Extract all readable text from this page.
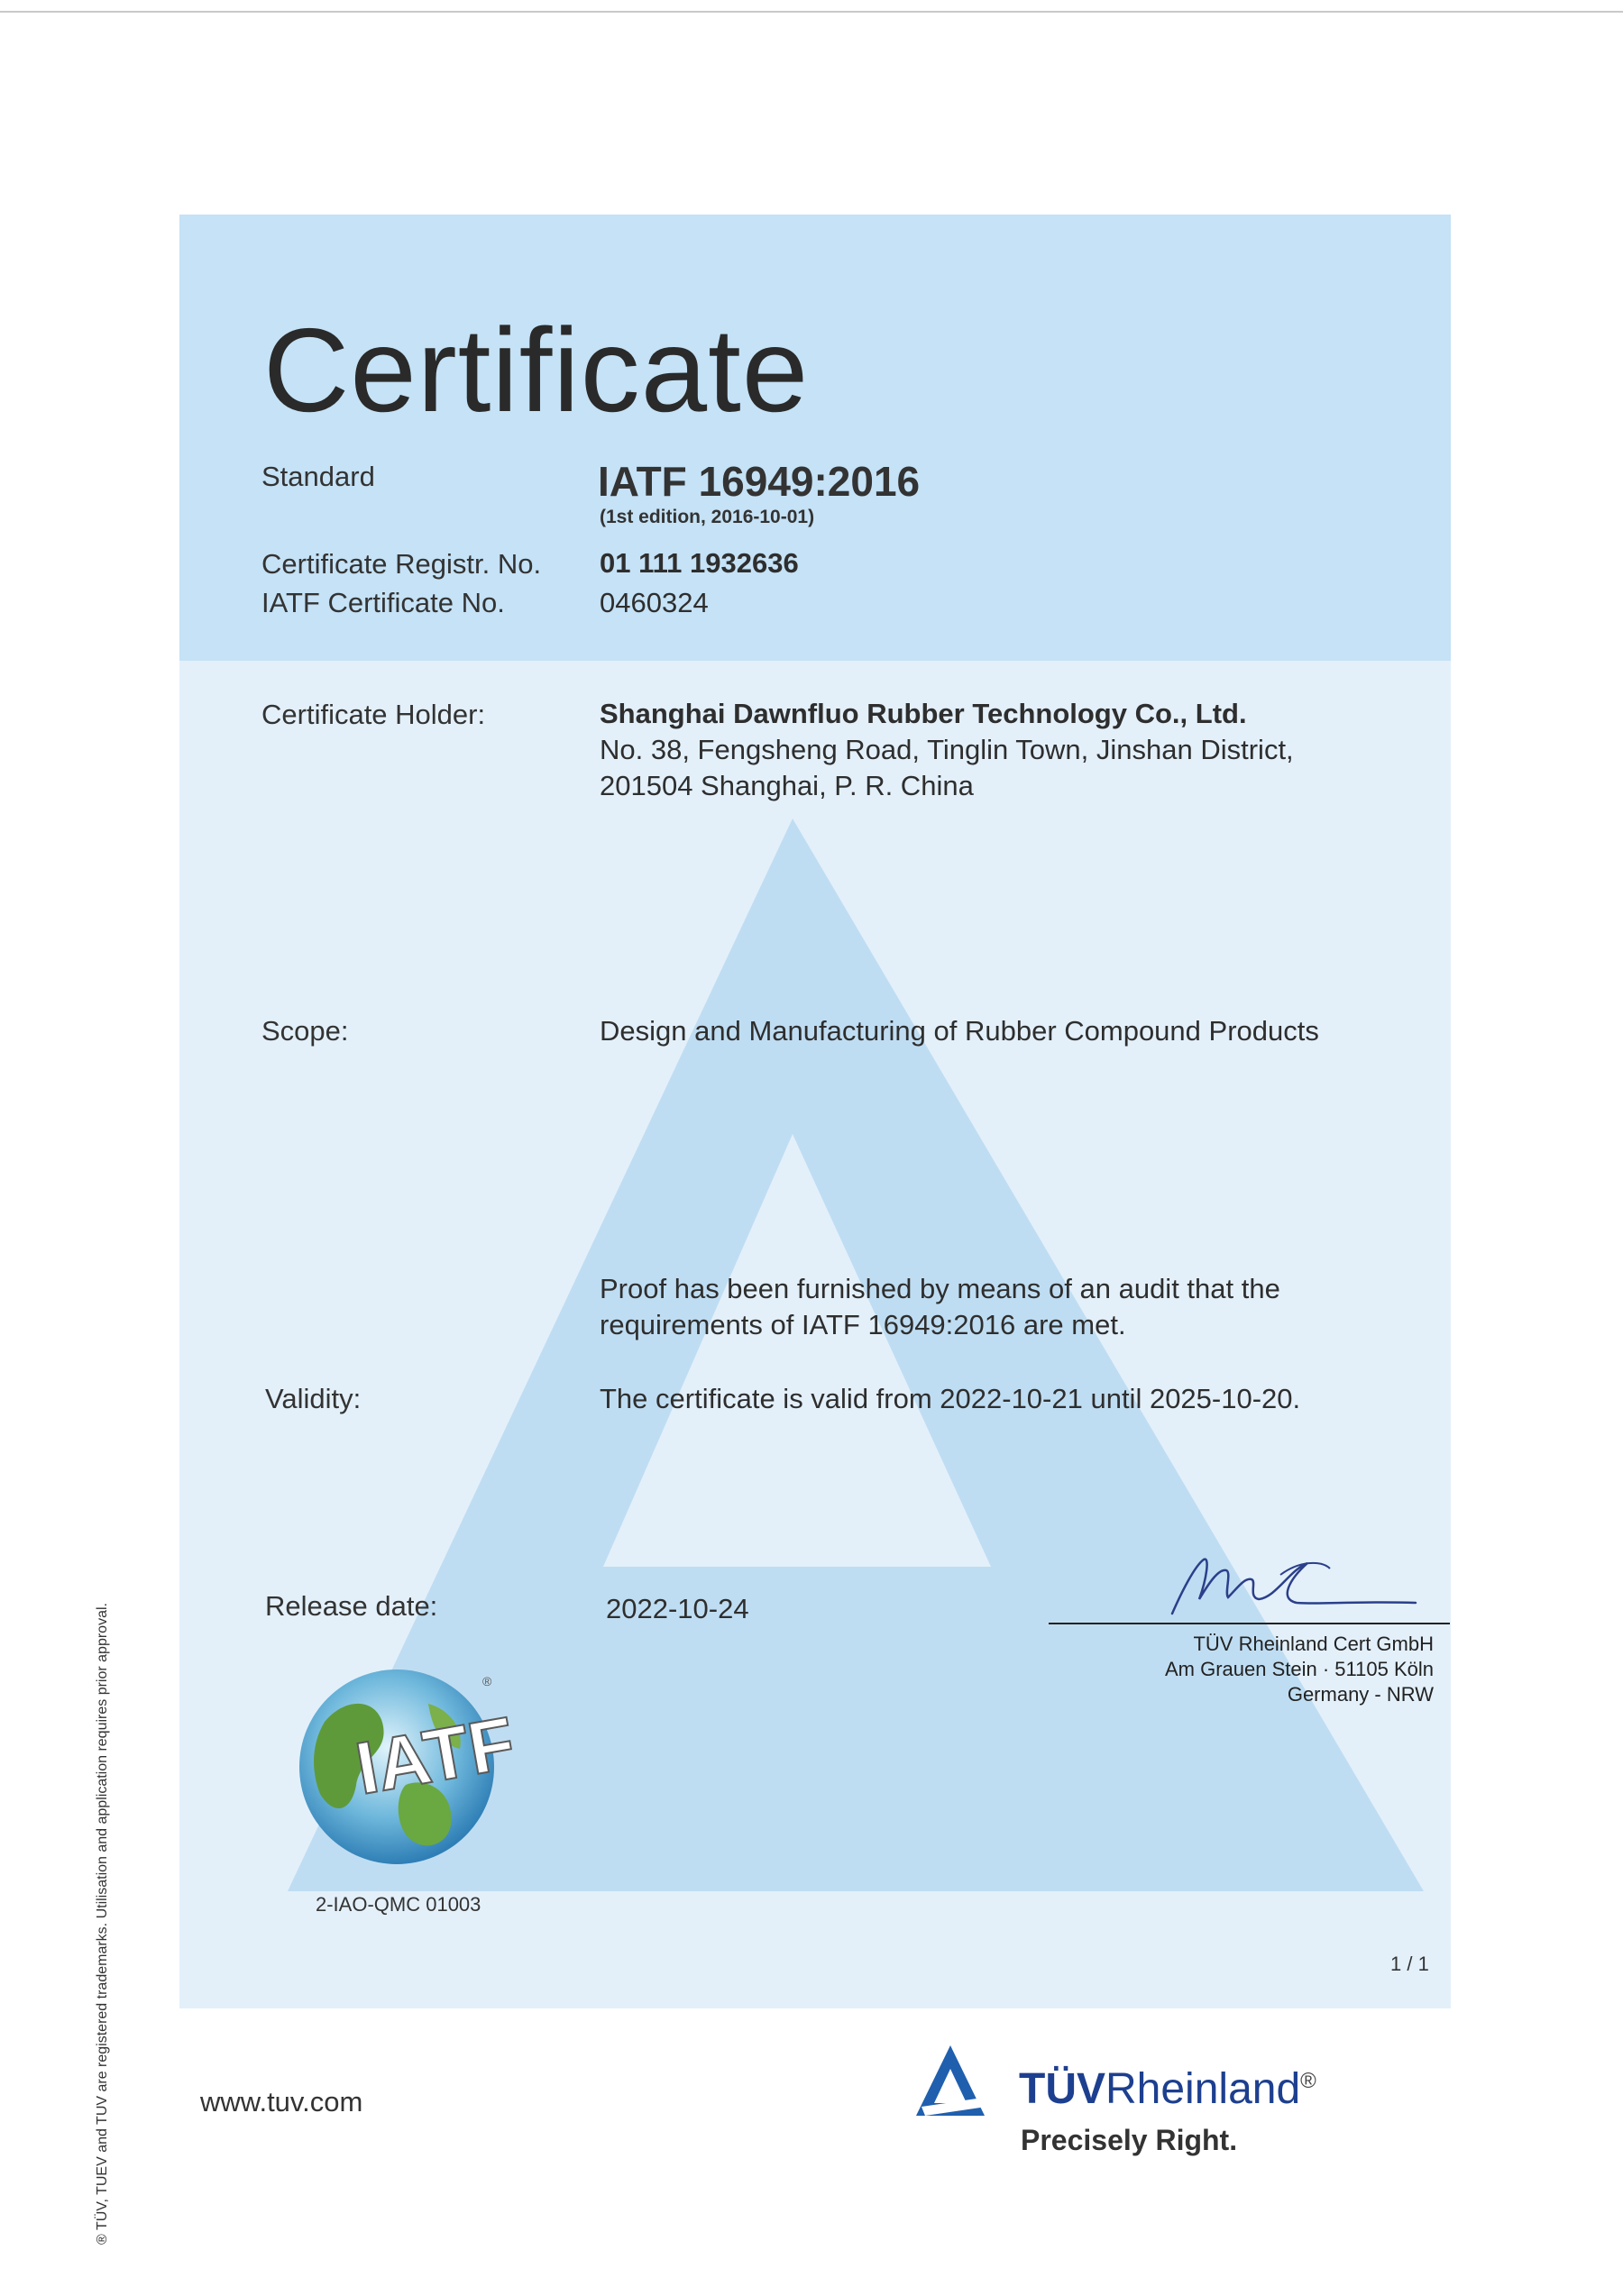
Certificate
Standard	IATF 16949:2016
(1st edition, 2016-10-01)
Certificate Registr. No. 01 111 1932636
IATF Certificate No.	0460324
Certificate Holder:	Shanghai Dawnfluo Rubber Technology Co., Ltd.
No. 38, Fengsheng Road, Tinglin Town, Jinshan District,
201504 Shanghai, P. R. China
Scope:	Design and Manufacturing of Rubber Compound Products
Proof has been furnished by means of an audit that the
requirements of IATF 16949:2016 are met.
Validity:	The certificate is valid from 2022-10-21 until 2025-10-20.
Release date:	2022-10-24
TÜV Rheinland Cert GmbH
Am Grauen Stein · 51105 Köln
Germany - NRW
IATF
®
2-IAO-QMC 01003
1 / 1
® TÜV, TUEV and TUV are registered trademarks. Utilisation and application requires prior approval.	www.tuv.com	TÜVRheinland®
Precisely Right.
